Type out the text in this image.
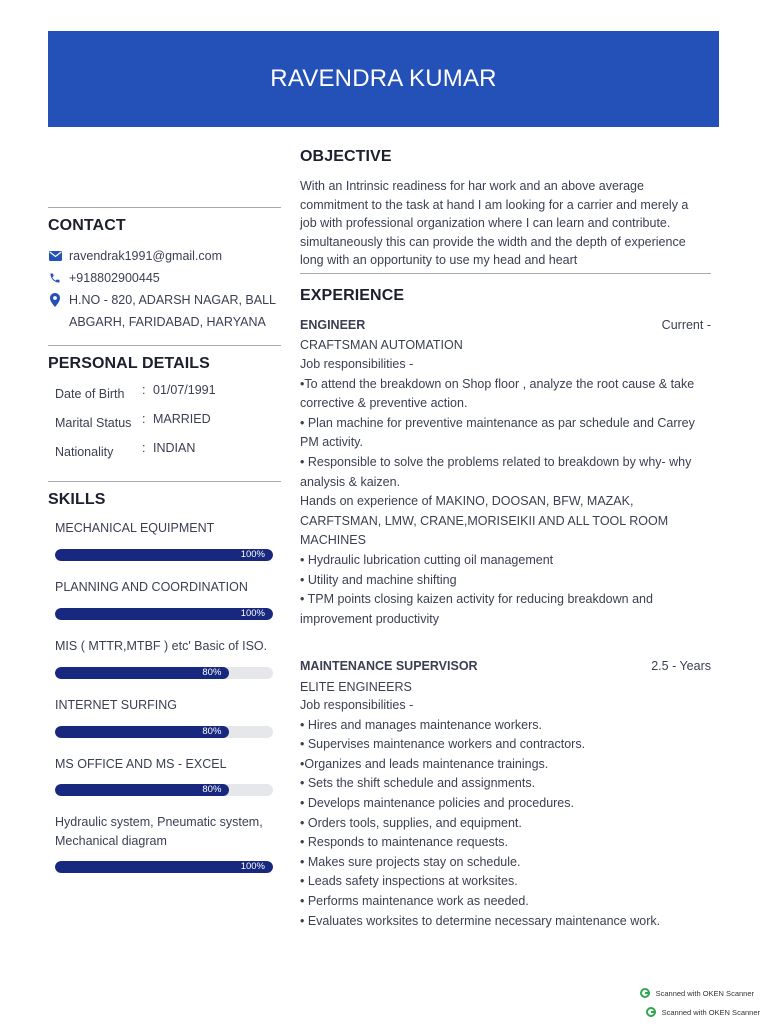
RAVENDRA KUMAR
CONTACT
ravendrak1991@gmail.com
+918802900445
H.NO - 820, ADARSH NAGAR, BALL
ABGARH, FARIDABAD, HARYANA
PERSONAL DETAILS
Date of Birth	: 01/07/1991
Marital Status : MARRIED
Nationality	: INDIAN
SKILLS
MECHANICAL EQUIPMENT
100%
PLANNING AND COORDINATION
100%
MIS ( MTTR,MTBF ) etc' Basic of ISO.
80%
INTERNET SURFING
80%
MS OFFICE AND MS - EXCEL
80%
Hydraulic system, Pneumatic system, Mechanical diagram
100%
OBJECTIVE
With an Intrinsic readiness for har work and an above average
commitment to the task at hand I am looking for a carrier and merely a
job with professional organization where I can learn and contribute.
simultaneously this can provide the width and the depth of experience
long with an opportunity to use my head and heart
EXPERIENCE
ENGINEER	Current -
CRAFTSMAN AUTOMATION
Job responsibilities -
•To attend the breakdown on Shop floor , analyze the root cause & take
corrective & preventive action.
• Plan machine for preventive maintenance as par schedule and Carrey
PM activity.
• Responsible to solve the problems related to breakdown by why- why
analysis & kaizen.
Hands on experience of MAKINO, DOOSAN, BFW, MAZAK,
CARFTSMAN, LMW, CRANE,MORISEIKII AND ALL TOOL ROOM
MACHINES
• Hydraulic lubrication cutting oil management
• Utility and machine shifting
• TPM points closing kaizen activity for reducing breakdown and
improvement productivity
MAINTENANCE SUPERVISOR	2.5 - Years
ELITE ENGINEERS
Job responsibilities -
• Hires and manages maintenance workers.
• Supervises maintenance workers and contractors.
•Organizes and leads maintenance trainings.
• Sets the shift schedule and assignments.
• Develops maintenance policies and procedures.
• Orders tools, supplies, and equipment.
• Responds to maintenance requests.
• Makes sure projects stay on schedule.
• Leads safety inspections at worksites.
• Performs maintenance work as needed.
• Evaluates worksites to determine necessary maintenance work.
Scanned with OKEN Scanner
Scanned with OKEN Scanner
